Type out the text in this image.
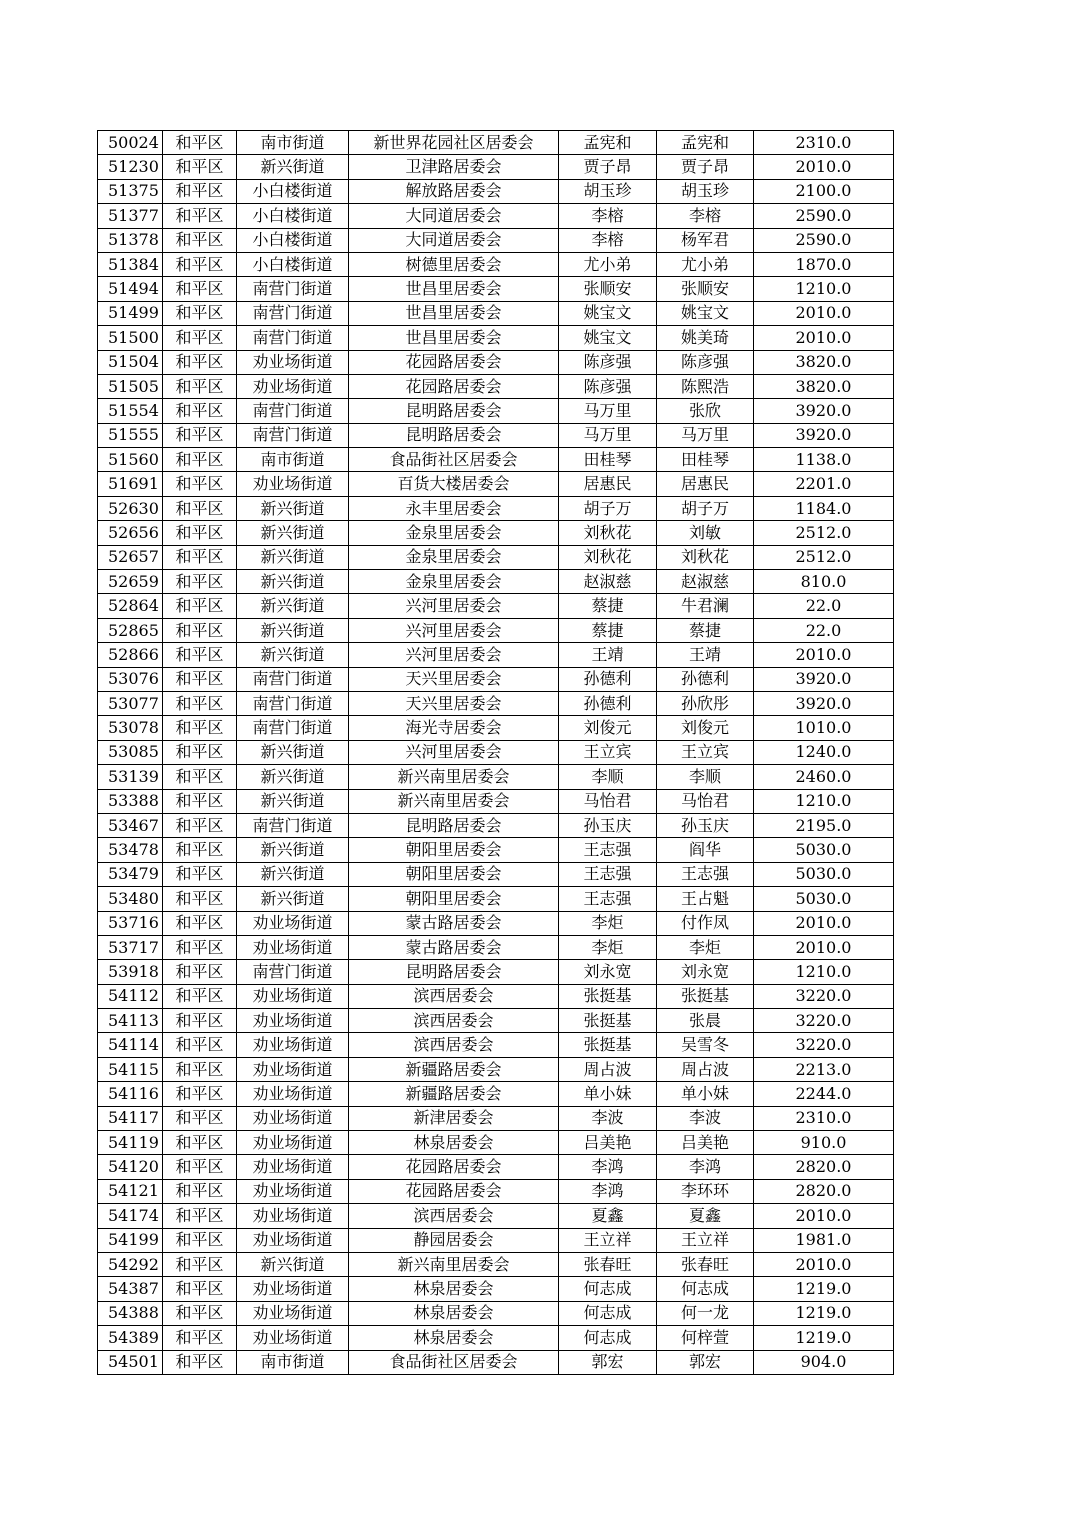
50024	和平区	南市街道	新世界花园社区居委会	孟宪和	孟宪和	2310.0
51230	和平区	新兴街道	卫津路居委会	贾子昂	贾子昂	2010.0
51375	和平区	小白楼街道	解放路居委会	胡玉珍	胡玉珍	2100.0
51377	和平区	小白楼街道	大同道居委会	李榕	李榕	2590.0
51378	和平区	小白楼街道	大同道居委会	李榕	杨军君	2590.0
51384	和平区	小白楼街道	树德里居委会	尤小弟	尤小弟	1870.0
51494	和平区	南营门街道	世昌里居委会	张顺安	张顺安	1210.0
51499	和平区	南营门街道	世昌里居委会	姚宝文	姚宝文	2010.0
51500	和平区	南营门街道	世昌里居委会	姚宝文	姚美琦	2010.0
51504	和平区	劝业场街道	花园路居委会	陈彦强	陈彦强	3820.0
51505	和平区	劝业场街道	花园路居委会	陈彦强	陈熙浩	3820.0
51554	和平区	南营门街道	昆明路居委会	马万里	张欣	3920.0
51555	和平区	南营门街道	昆明路居委会	马万里	马万里	3920.0
51560	和平区	南市街道	食品街社区居委会	田桂琴	田桂琴	1138.0
51691	和平区	劝业场街道	百货大楼居委会	居惠民	居惠民	2201.0
52630	和平区	新兴街道	永丰里居委会	胡子万	胡子万	1184.0
52656	和平区	新兴街道	金泉里居委会	刘秋花	刘敏	2512.0
52657	和平区	新兴街道	金泉里居委会	刘秋花	刘秋花	2512.0
52659	和平区	新兴街道	金泉里居委会	赵淑慈	赵淑慈	810.0
52864	和平区	新兴街道	兴河里居委会	蔡捷	牛君澜	22.0
52865	和平区	新兴街道	兴河里居委会	蔡捷	蔡捷	22.0
52866	和平区	新兴街道	兴河里居委会	王靖	王靖	2010.0
53076	和平区	南营门街道	天兴里居委会	孙德利	孙德利	3920.0
53077	和平区	南营门街道	天兴里居委会	孙德利	孙欣彤	3920.0
53078	和平区	南营门街道	海光寺居委会	刘俊元	刘俊元	1010.0
53085	和平区	新兴街道	兴河里居委会	王立宾	王立宾	1240.0
53139	和平区	新兴街道	新兴南里居委会	李顺	李顺	2460.0
53388	和平区	新兴街道	新兴南里居委会	马怡君	马怡君	1210.0
53467	和平区	南营门街道	昆明路居委会	孙玉庆	孙玉庆	2195.0
53478	和平区	新兴街道	朝阳里居委会	王志强	阎华	5030.0
53479	和平区	新兴街道	朝阳里居委会	王志强	王志强	5030.0
53480	和平区	新兴街道	朝阳里居委会	王志强	王占魁	5030.0
53716	和平区	劝业场街道	蒙古路居委会	李炬	付作凤	2010.0
53717	和平区	劝业场街道	蒙古路居委会	李炬	李炬	2010.0
53918	和平区	南营门街道	昆明路居委会	刘永宽	刘永宽	1210.0
54112	和平区	劝业场街道	滨西居委会	张挺基	张挺基	3220.0
54113	和平区	劝业场街道	滨西居委会	张挺基	张晨	3220.0
54114	和平区	劝业场街道	滨西居委会	张挺基	吴雪冬	3220.0
54115	和平区	劝业场街道	新疆路居委会	周占波	周占波	2213.0
54116	和平区	劝业场街道	新疆路居委会	单小妹	单小妹	2244.0
54117	和平区	劝业场街道	新津居委会	李波	李波	2310.0
54119	和平区	劝业场街道	林泉居委会	吕美艳	吕美艳	910.0
54120	和平区	劝业场街道	花园路居委会	李鸿	李鸿	2820.0
54121	和平区	劝业场街道	花园路居委会	李鸿	李环环	2820.0
54174	和平区	劝业场街道	滨西居委会	夏鑫	夏鑫	2010.0
54199	和平区	劝业场街道	静园居委会	王立祥	王立祥	1981.0
54292	和平区	新兴街道	新兴南里居委会	张春旺	张春旺	2010.0
54387	和平区	劝业场街道	林泉居委会	何志成	何志成	1219.0
54388	和平区	劝业场街道	林泉居委会	何志成	何一龙	1219.0
54389	和平区	劝业场街道	林泉居委会	何志成	何梓萱	1219.0
54501	和平区	南市街道	食品街社区居委会	郭宏	郭宏	904.0
